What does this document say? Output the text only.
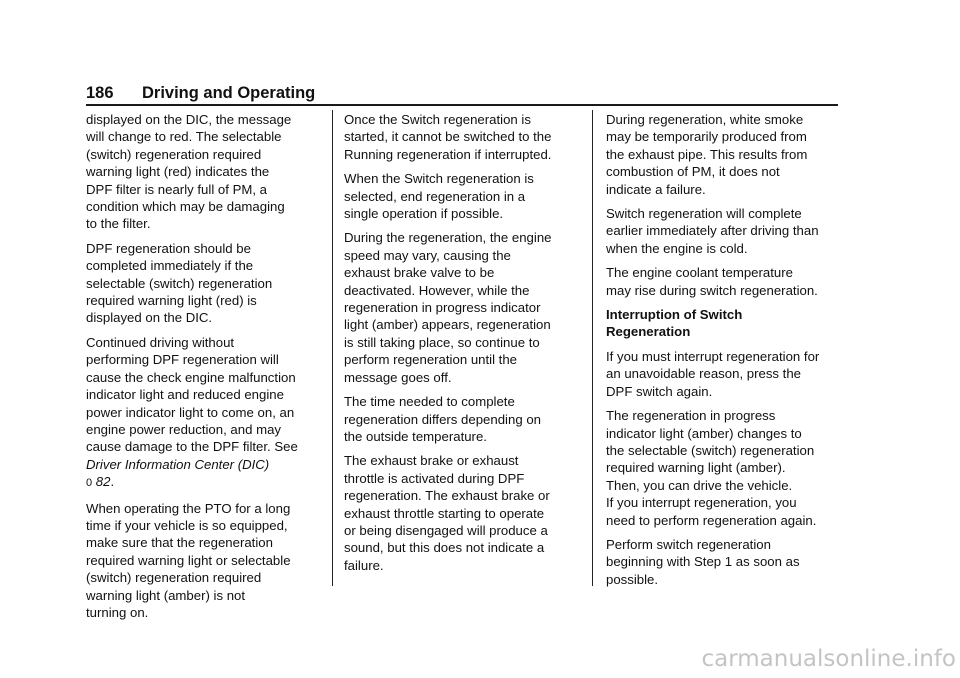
186 Driving and Operating

displayed on the DIC, the message
will change to red. The selectable
(switch) regeneration required
warning light (red) indicates the
DPF filter is nearly full of PM, a
condition which may be damaging
to the filter.

DPF regeneration should be
completed immediately if the
selectable (switch) regeneration
required warning light (red) is
displayed on the DIC.

Continued driving without
performing DPF regeneration will
cause the check engine malfunction
indicator light and reduced engine
power indicator light to come on, an
engine power reduction, and may
cause damage to the DPF filter. See
Driver Information Center (DIC)
0 82.

When operating the PTO for a long
time if your vehicle is so equipped,
make sure that the regeneration
required warning light or selectable
(switch) regeneration required
warning light (amber) is not
turning on.

Once the Switch regeneration is
started, it cannot be switched to the
Running regeneration if interrupted.

When the Switch regeneration is
selected, end regeneration in a
single operation if possible.

During the regeneration, the engine
speed may vary, causing the
exhaust brake valve to be
deactivated. However, while the
regeneration in progress indicator
light (amber) appears, regeneration
is still taking place, so continue to
perform regeneration until the
message goes off.

The time needed to complete
regeneration differs depending on
the outside temperature.

The exhaust brake or exhaust
throttle is activated during DPF
regeneration. The exhaust brake or
exhaust throttle starting to operate
or being disengaged will produce a
sound, but this does not indicate a
failure.

During regeneration, white smoke
may be temporarily produced from
the exhaust pipe. This results from
combustion of PM, it does not
indicate a failure.

Switch regeneration will complete
earlier immediately after driving than
when the engine is cold.

The engine coolant temperature
may rise during switch regeneration.

Interruption of Switch
Regeneration

If you must interrupt regeneration for
an unavoidable reason, press the
DPF switch again.

The regeneration in progress
indicator light (amber) changes to
the selectable (switch) regeneration
required warning light (amber).
Then, you can drive the vehicle.
If you interrupt regeneration, you
need to perform regeneration again.

Perform switch regeneration
beginning with Step 1 as soon as
possible.

carmanualsonline.info
